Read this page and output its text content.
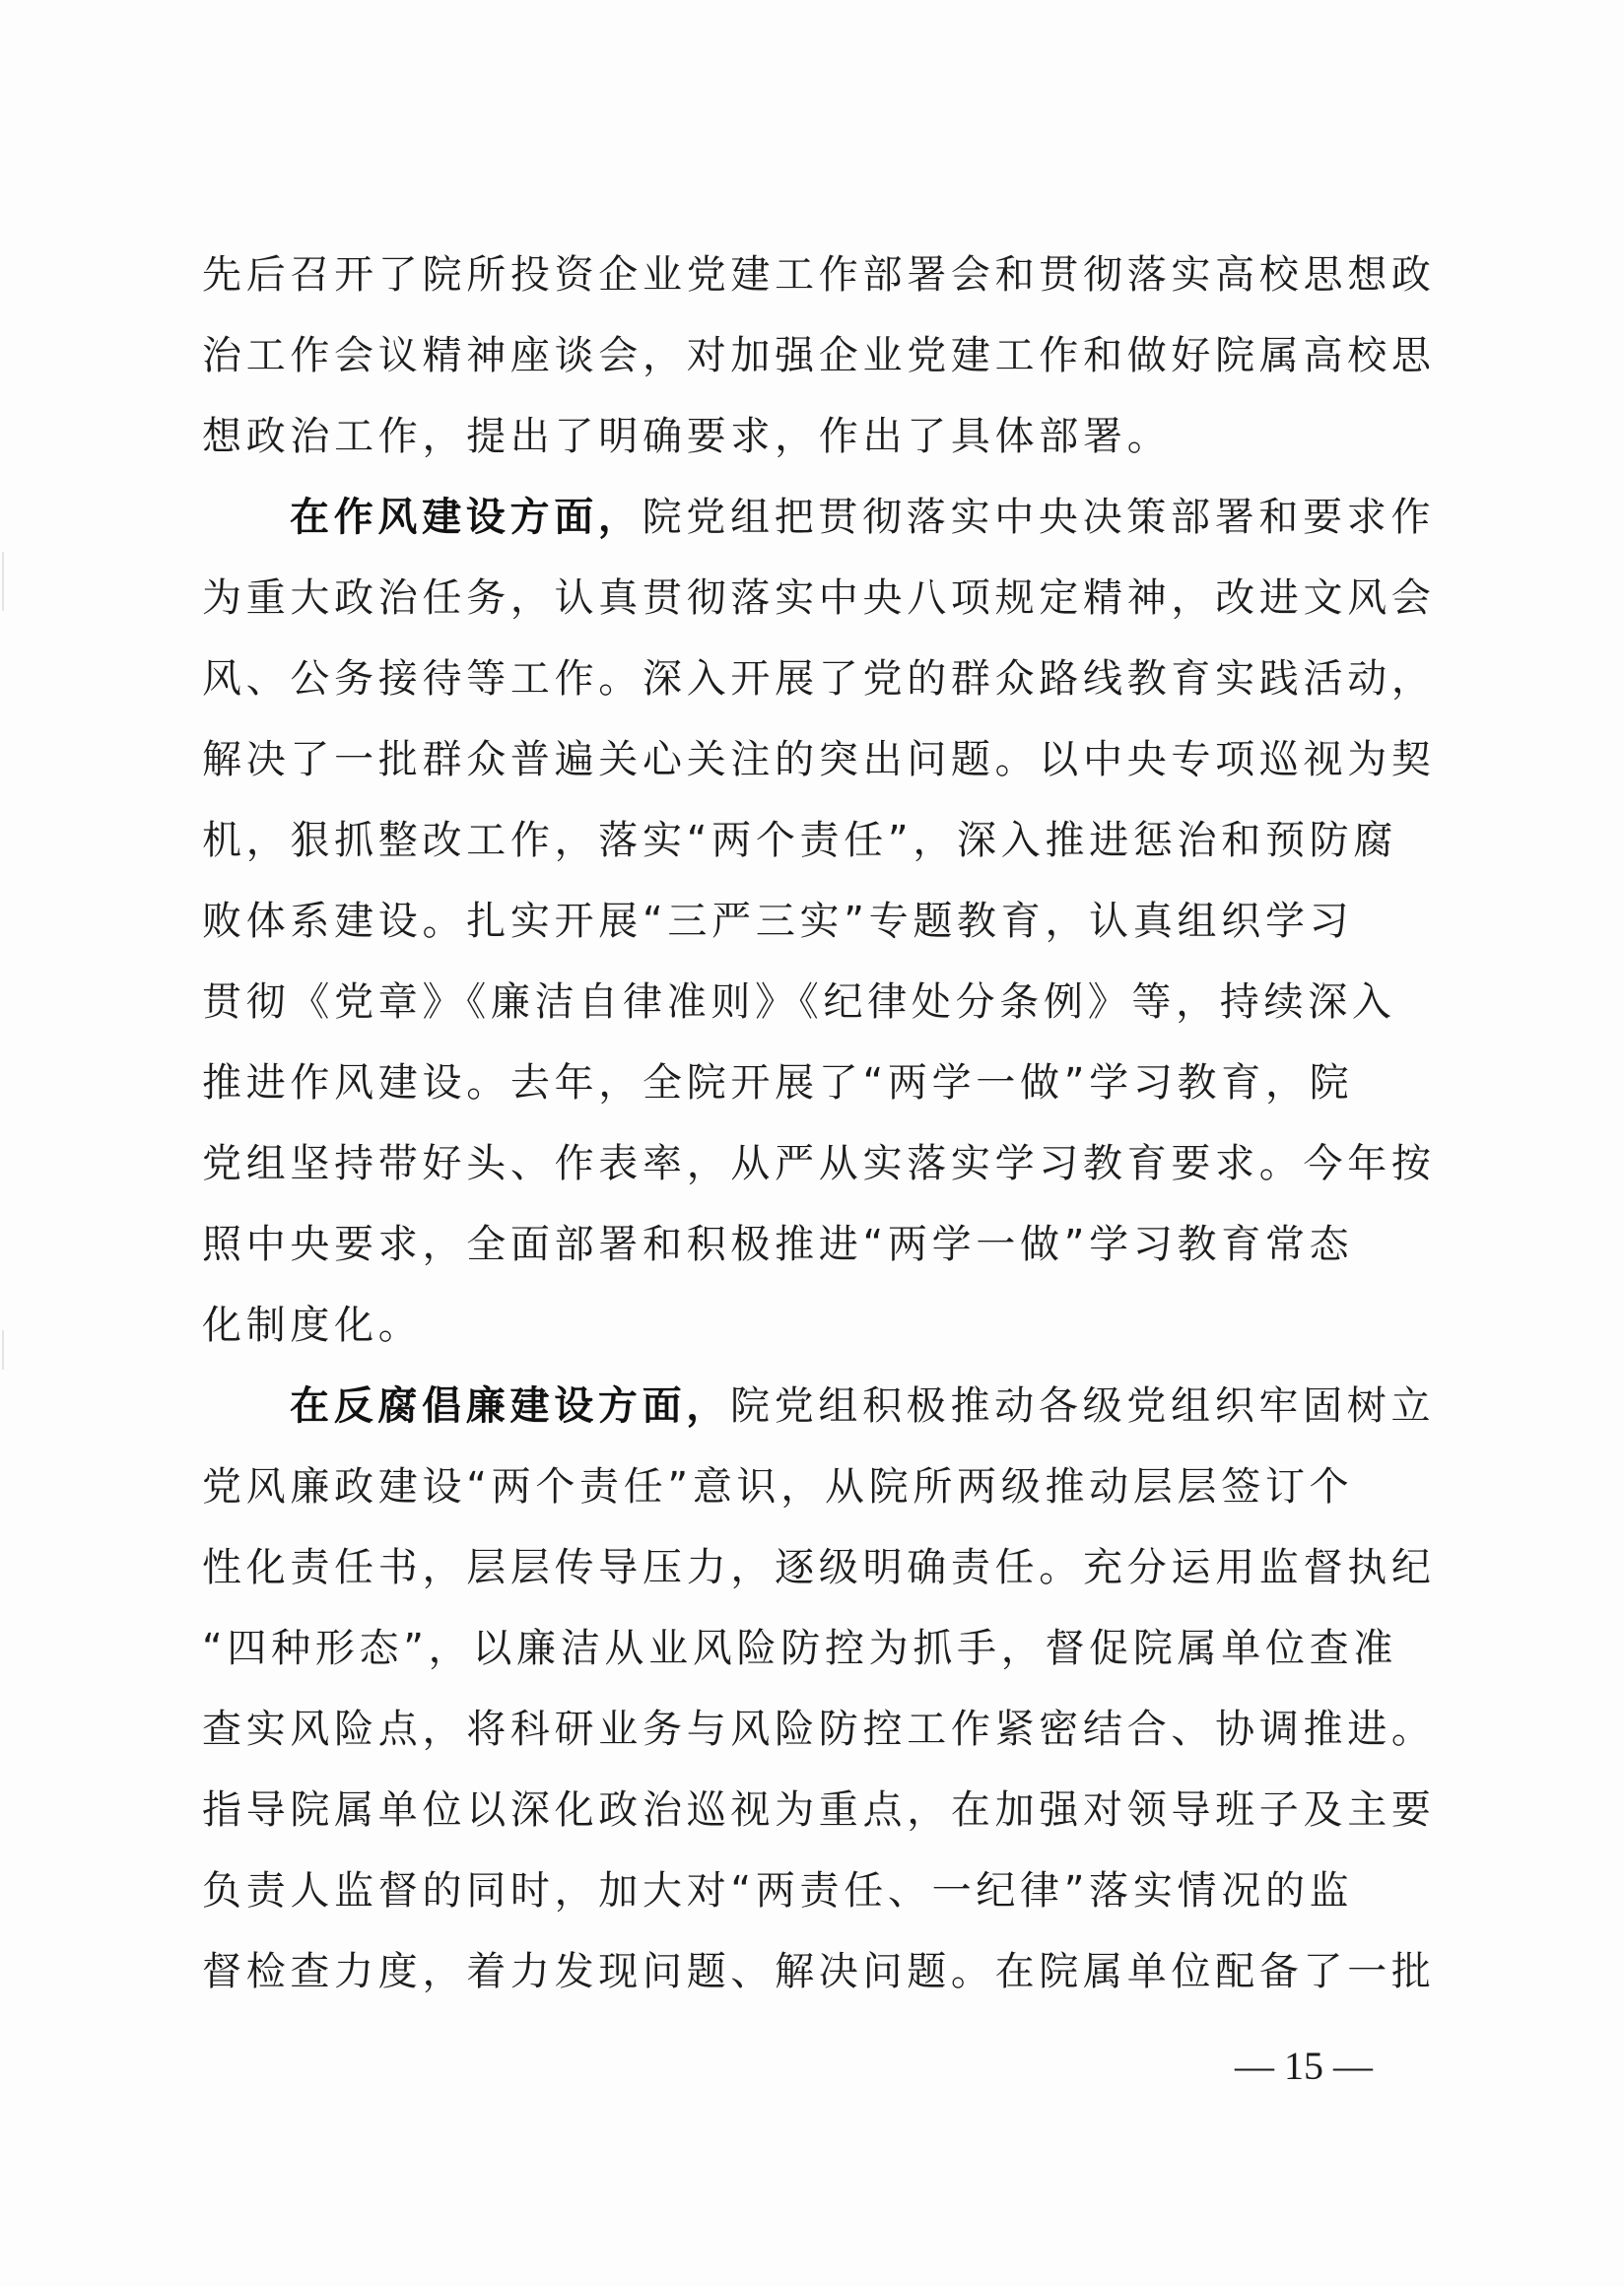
先后召开了院所投资企业党建工作部署会和贯彻落实高校思想政
治工作会议精神座谈会，对加强企业党建工作和做好院属高校思
想政治工作，提出了明确要求，作出了具体部署。
在作风建设方面，院党组把贯彻落实中央决策部署和要求作
为重大政治任务，认真贯彻落实中央八项规定精神，改进文风会
风、公务接待等工作。深入开展了党的群众路线教育实践活动，
解决了一批群众普遍关心关注的突出问题。以中央专项巡视为契
机，狠抓整改工作，落实“两个责任”，深入推进惩治和预防腐
败体系建设。扎实开展“三严三实”专题教育，认真组织学习
贯彻《党章》《廉洁自律准则》《纪律处分条例》等，持续深入
推进作风建设。去年，全院开展了“两学一做”学习教育，院
党组坚持带好头、作表率，从严从实落实学习教育要求。今年按
照中央要求，全面部署和积极推进“两学一做”学习教育常态
化制度化。
在反腐倡廉建设方面，院党组积极推动各级党组织牢固树立
党风廉政建设“两个责任”意识，从院所两级推动层层签订个
性化责任书，层层传导压力，逐级明确责任。充分运用监督执纪
“四种形态”，以廉洁从业风险防控为抓手，督促院属单位查准
查实风险点，将科研业务与风险防控工作紧密结合、协调推进。
指导院属单位以深化政治巡视为重点，在加强对领导班子及主要
负责人监督的同时，加大对“两责任、一纪律”落实情况的监
督检查力度，着力发现问题、解决问题。在院属单位配备了一批
— 15 —
